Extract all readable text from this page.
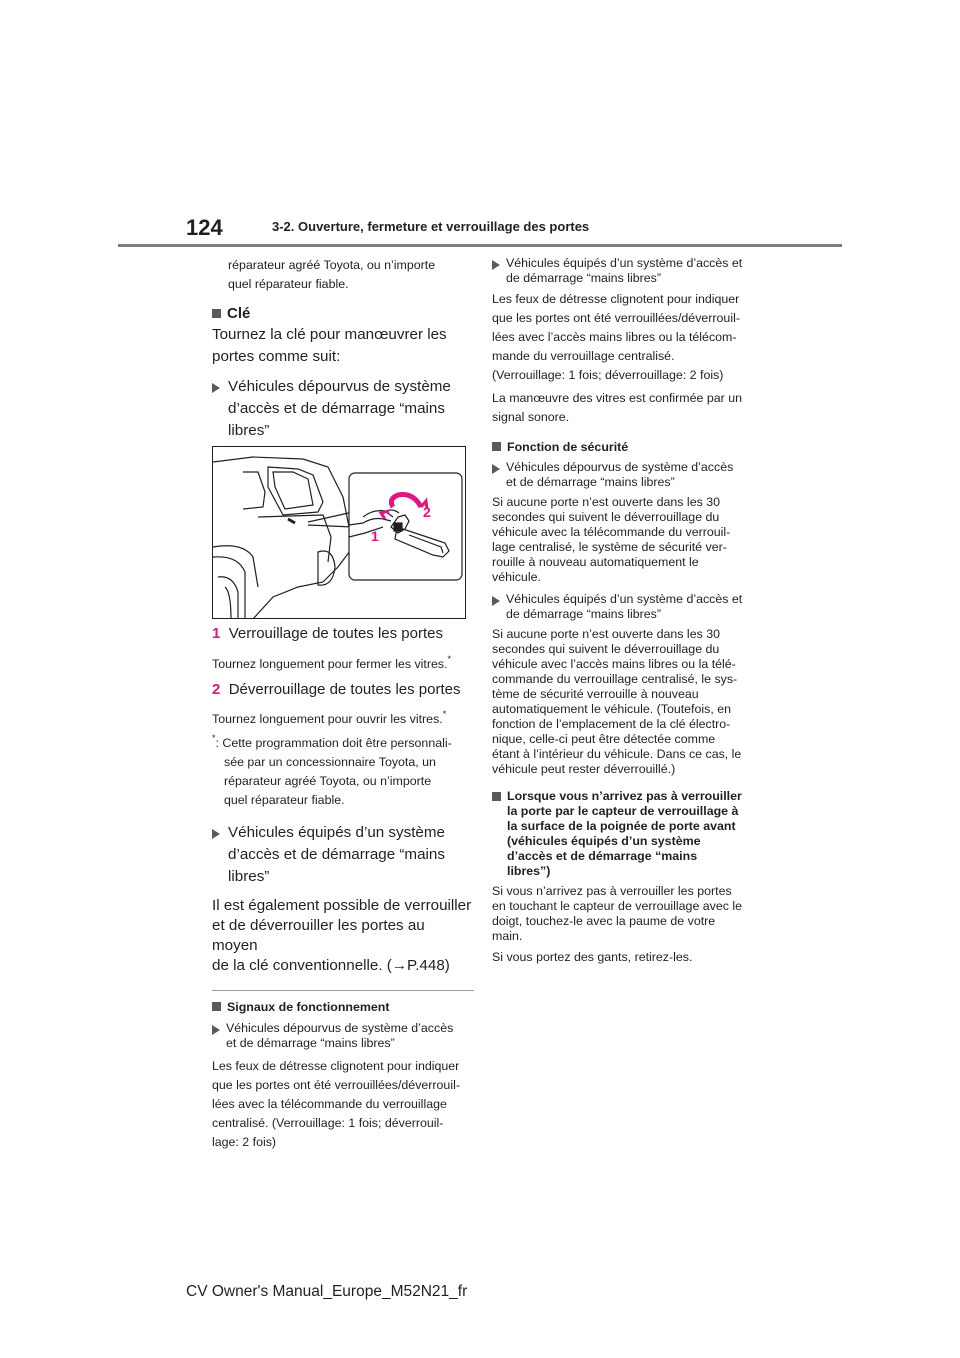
124	3-2. Ouverture, fermeture et verrouillage des portes

réparateur agréé Toyota, ou n’importe

quel réparateur fiable.

Clé

Tournez la clé pour manœuvrer les

portes comme suit:

Véhicules dépourvus de système
d’accès et de démarrage “mains
libres”
2
1
1 Verrouillage de toutes les portes

Tournez longuement pour fermer les vitres.*

2 Déverrouillage de toutes les portes

Tournez longuement pour ouvrir les vitres.*

*: Cette programmation doit être personnali-

sée par un concessionnaire Toyota, un

réparateur agréé Toyota, ou n’importe

quel réparateur fiable.

Véhicules équipés d’un système
d’accès et de démarrage “mains
libres”
Il est également possible de verrouiller
et de déverrouiller les portes au moyen
de la clé conventionnelle. (→P.448)
Signaux de fonctionnement
Véhicules dépourvus de système d’accès
et de démarrage “mains libres”

Les feux de détresse clignotent pour indiquer

que les portes ont été verrouillées/déverrouil-

lées avec la télécommande du verrouillage

centralisé. (Verrouillage: 1 fois; déverrouil-

lage: 2 fois)

Véhicules équipés d’un système d’accès et
de démarrage “mains libres”

Les feux de détresse clignotent pour indiquer

que les portes ont été verrouillées/déverrouil-

lées avec l’accès mains libres ou la télécom-

mande du verrouillage centralisé.

(Verrouillage: 1 fois; déverrouillage: 2 fois)

La manœuvre des vitres est confirmée par un

signal sonore.

Fonction de sécurité
Véhicules dépourvus de système d’accès
et de démarrage “mains libres”

Si aucune porte n’est ouverte dans les 30

secondes qui suivent le déverrouillage du

véhicule avec la télécommande du verrouil-

lage centralisé, le système de sécurité ver-

rouille à nouveau automatiquement le

véhicule.

Véhicules équipés d’un système d’accès et
de démarrage “mains libres”

Si aucune porte n’est ouverte dans les 30

secondes qui suivent le déverrouillage du

véhicule avec l’accès mains libres ou la télé-

commande du verrouillage centralisé, le sys-

tème de sécurité verrouille à nouveau

automatiquement le véhicule. (Toutefois, en

fonction de l’emplacement de la clé électro-

nique, celle-ci peut être détectée comme

étant à l’intérieur du véhicule. Dans ce cas, le

véhicule peut rester déverrouillé.)

Lorsque vous n’arrivez pas à verrouiller
la porte par le capteur de verrouillage à
la surface de la poignée de porte avant
(véhicules équipés d’un système
d’accès et de démarrage “mains
libres”)

Si vous n’arrivez pas à verrouiller les portes

en touchant le capteur de verrouillage avec le

doigt, touchez-le avec la paume de votre

main.

Si vous portez des gants, retirez-les.

CV Owner's Manual_Europe_M52N21_fr
